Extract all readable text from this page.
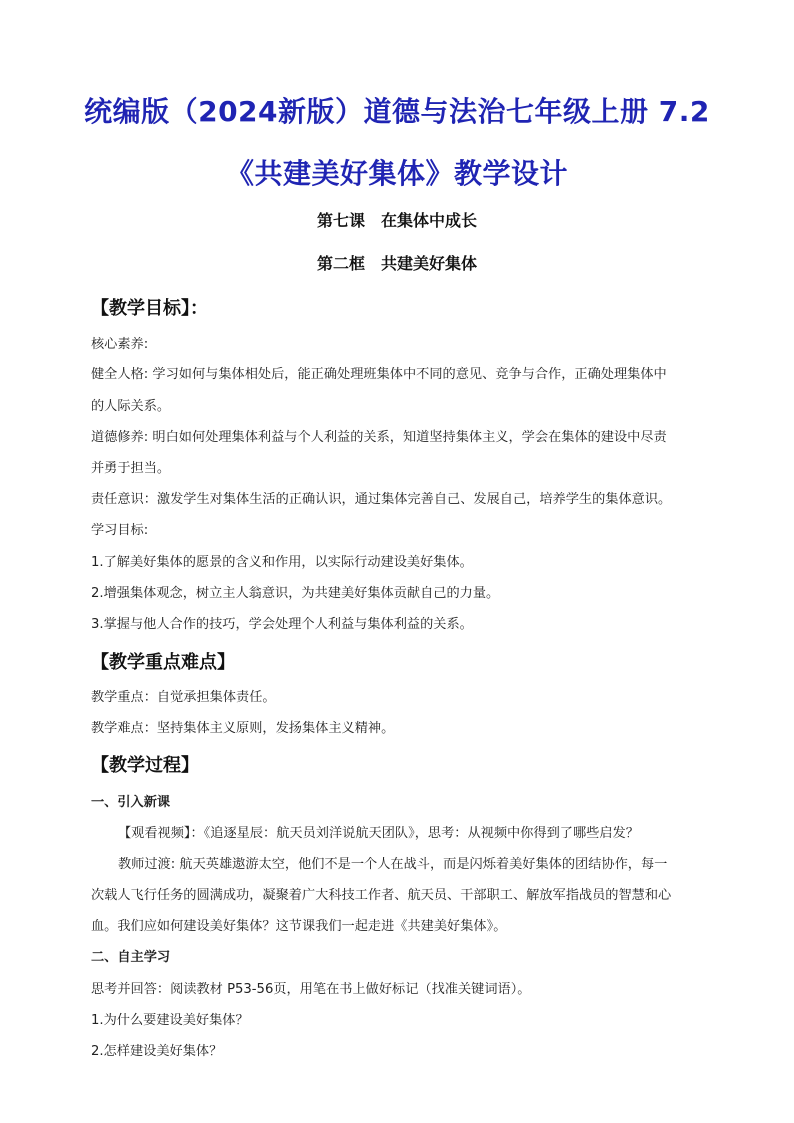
统编版（2024新版）道德与法治七年级上册 7.2
《共建美好集体》教学设计
第七课　在集体中成长
第二框　共建美好集体
【教学目标】：
核心素养:
健全人格: 学习如何与集体相处后，能正确处理班集体中不同的意见、竞争与合作，正确处理集体中
的人际关系。
道德修养: 明白如何处理集体利益与个人利益的关系，知道坚持集体主义，学会在集体的建设中尽责
并勇于担当。
责任意识：激发学生对集体生活的正确认识，通过集体完善自己、发展自己，培养学生的集体意识。
学习目标:
1.了解美好集体的愿景的含义和作用，以实际行动建设美好集体。
2.增强集体观念，树立主人翁意识，为共建美好集体贡献自己的力量。
3.掌握与他人合作的技巧，学会处理个人利益与集体利益的关系。
【教学重点难点】
教学重点：自觉承担集体责任。
教学难点：坚持集体主义原则，发扬集体主义精神。
【教学过程】
一、引入新课
【观看视频】：《追逐星辰：航天员刘洋说航天团队》，思考：从视频中你得到了哪些启发？
教师过渡: 航天英雄遨游太空，他们不是一个人在战斗，而是闪烁着美好集体的团结协作，每一
次载人飞行任务的圆满成功，凝聚着广大科技工作者、航天员、干部职工、解放军指战员的智慧和心
血。我们应如何建设美好集体？这节课我们一起走进《共建美好集体》。
二、自主学习
思考并回答：阅读教材 P53-56页，用笔在书上做好标记（找准关键词语）。
1.为什么要建设美好集体？
2.怎样建设美好集体？
